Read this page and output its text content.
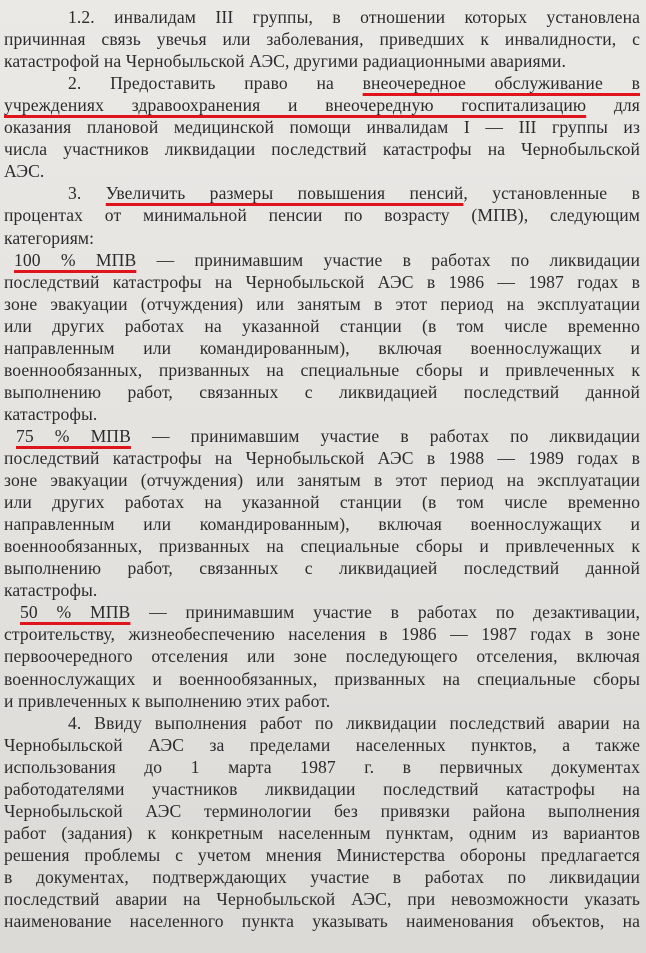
1.2. инвалидам III группы, в отношении которых установлена
причинная связь увечья или заболевания, приведших к инвалидности, с
катастрофой на Чернобыльской АЭС, другими радиационными авариями.
2. Предоставить право на внеочередное обслуживание в
учреждениях здравоохранения и внеочередную госпитализацию для
оказания плановой медицинской помощи инвалидам I — III группы из
числа участников ликвидации последствий катастрофы на Чернобыльской
АЭС.
3. Увеличить размеры повышения пенсий, установленные в
процентах от минимальной пенсии по возрасту (МПВ), следующим
категориям:
100 % МПВ — принимавшим участие в работах по ликвидации
последствий катастрофы на Чернобыльской АЭС в 1986 — 1987 годах в
зоне эвакуации (отчуждения) или занятым в этот период на эксплуатации
или других работах на указанной станции (в том числе временно
направленным или командированным), включая военнослужащих и
военнообязанных, призванных на специальные сборы и привлеченных к
выполнению работ, связанных с ликвидацией последствий данной
катастрофы.
75 % МПВ — принимавшим участие в работах по ликвидации
последствий катастрофы на Чернобыльской АЭС в 1988 — 1989 годах в
зоне эвакуации (отчуждения) или занятым в этот период на эксплуатации
или других работах на указанной станции (в том числе временно
направленным или командированным), включая военнослужащих и
военнообязанных, призванных на специальные сборы и привлеченных к
выполнению работ, связанных с ликвидацией последствий данной
катастрофы.
50 % МПВ — принимавшим участие в работах по дезактивации,
строительству, жизнеобеспечению населения в 1986 — 1987 годах в зоне
первоочередного отселения или зоне последующего отселения, включая
военнослужащих и военнообязанных, призванных на специальные сборы
и привлеченных к выполнению этих работ.
4. Ввиду выполнения работ по ликвидации последствий аварии на
Чернобыльской АЭС за пределами населенных пунктов, а также
использования до 1 марта 1987 г. в первичных документах
работодателями участников ликвидации последствий катастрофы на
Чернобыльской АЭС терминологии без привязки района выполнения
работ (задания) к конкретным населенным пунктам, одним из вариантов
решения проблемы с учетом мнения Министерства обороны предлагается
в документах, подтверждающих участие в работах по ликвидации
последствий аварии на Чернобыльской АЭС, при невозможности указать
наименование населенного пункта указывать наименования объектов, на
